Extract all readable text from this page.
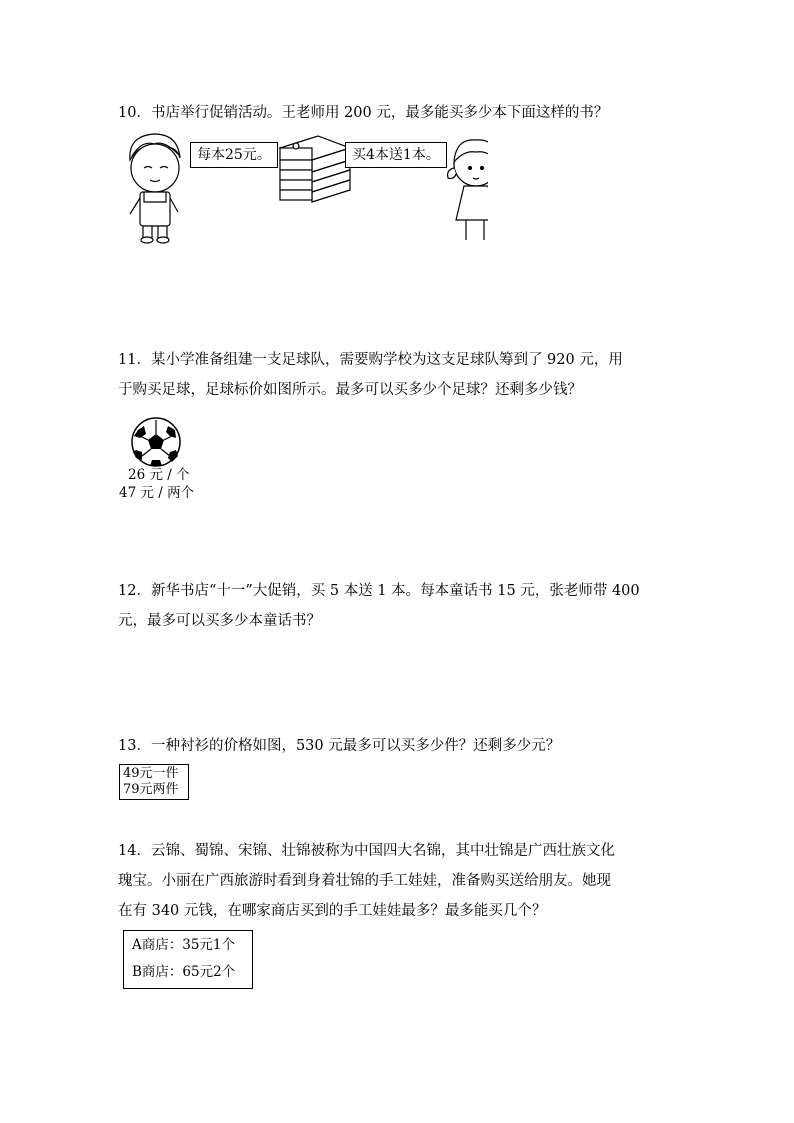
10．书店举行促销活动。王老师用 200 元，最多能买多少本下面这样的书？
每本25元。	买4本送1本。
11．某小学准备组建一支足球队，需要购学校为这支足球队筹到了 920 元，用
于购买足球，足球标价如图所示。最多可以买多少个足球？还剩多少钱？
26 元 / 个
47 元 / 两个
12．新华书店“十一”大促销，买 5 本送 1 本。每本童话书 15 元，张老师带 400
元，最多可以买多少本童话书？
13．一种衬衫的价格如图，530 元最多可以买多少件？还剩多少元？
49元一件
79元两件
14．云锦、蜀锦、宋锦、壮锦被称为中国四大名锦，其中壮锦是广西壮族文化
瑰宝。小丽在广西旅游时看到身着壮锦的手工娃娃，准备购买送给朋友。她现
在有 340 元钱，在哪家商店买到的手工娃娃最多？最多能买几个？
A商店：35元1个
B商店：65元2个
